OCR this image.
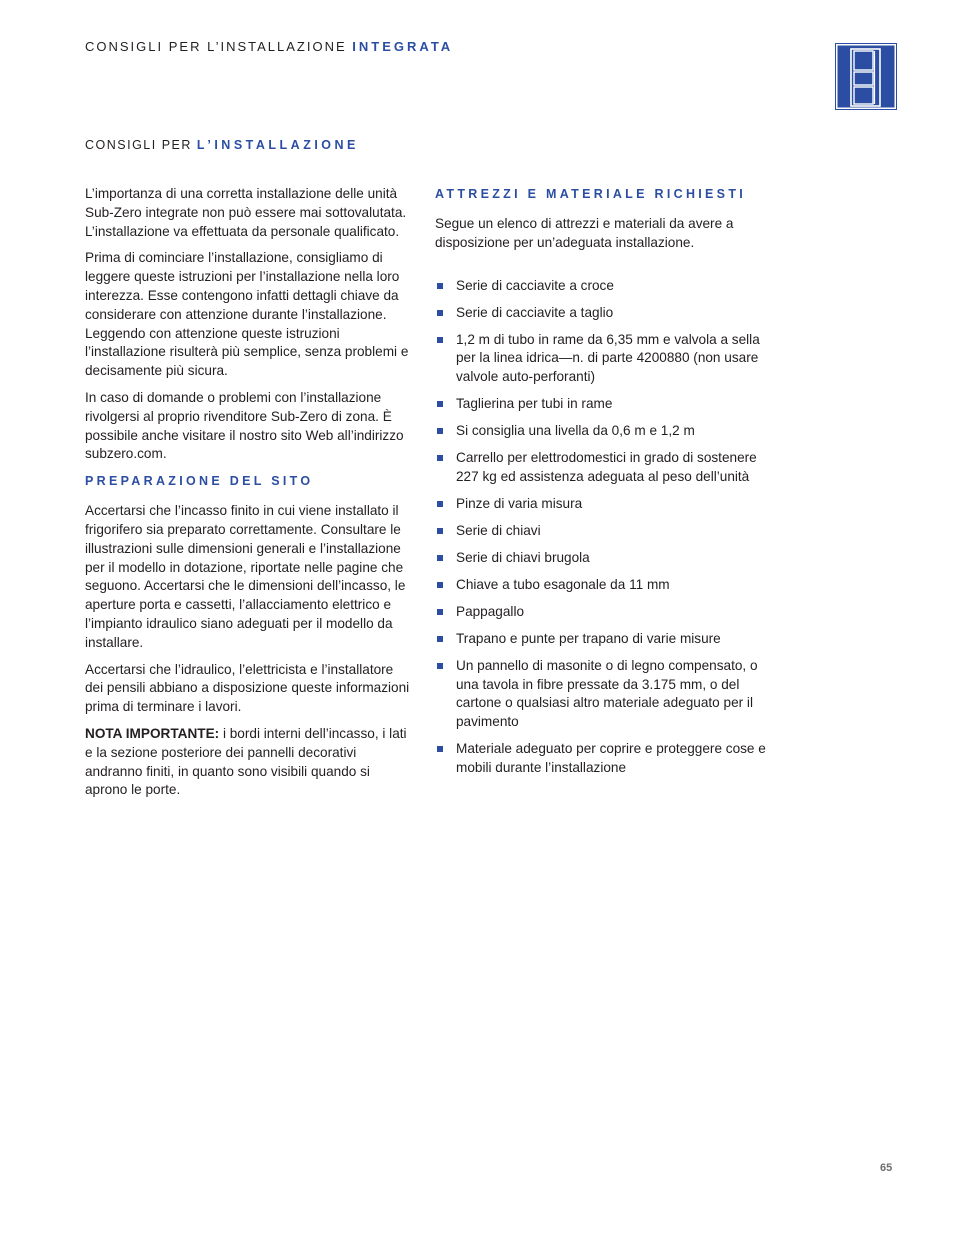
CONSIGLI PER L’INSTALLAZIONE INTEGRATA
CONSIGLI PER L’INSTALLAZIONE

L’importanza di una corretta installazione delle unità Sub-Zero integrate non può essere mai sottovalutata. L’installazione va effettuata da personale qualificato.

Prima di cominciare l’installazione, consigliamo di leggere queste istruzioni per l’installazione nella loro interezza. Esse contengono infatti dettagli chiave da considerare con attenzione durante l’installazione. Leggendo con attenzione queste istruzioni l’installazione risulterà più semplice, senza problemi e decisamente più sicura.

In caso di domande o problemi con l’installazione rivolgersi al proprio rivenditore Sub-Zero di zona. È possibile anche visitare il nostro sito Web all’indirizzo subzero.com.

PREPARAZIONE DEL SITO

Accertarsi che l’incasso finito in cui viene installato il frigorifero sia preparato correttamente. Consultare le illustrazioni sulle dimensioni generali e l’installazione per il modello in dotazione, riportate nelle pagine che seguono. Accertarsi che le dimensioni dell’incasso, le aperture porta e cassetti, l’allacciamento elettrico e l’impianto idraulico siano adeguati per il modello da installare.

Accertarsi che l’idraulico, l’elettricista e l’installatore dei pensili abbiano a disposizione queste informazioni prima di terminare i lavori.

NOTA IMPORTANTE: i bordi interni dell’incasso, i lati e la sezione posteriore dei pannelli decorativi andranno finiti, in quanto sono visibili quando si aprono le porte.

ATTREZZI E MATERIALE RICHIESTI

Segue un elenco di attrezzi e materiali da avere a disposizione per un’adeguata installazione.

Serie di cacciavite a croce
Serie di cacciavite a taglio
1,2 m di tubo in rame da 6,35 mm e valvola a sella per la linea idrica—n. di parte 4200880 (non usare valvole auto-perforanti)
Taglierina per tubi in rame
Si consiglia una livella da 0,6 m e 1,2 m
Carrello per elettrodomestici in grado di sostenere 227 kg ed assistenza adeguata al peso dell’unità
Pinze di varia misura
Serie di chiavi
Serie di chiavi brugola
Chiave a tubo esagonale da 11 mm
Pappagallo
Trapano e punte per trapano di varie misure
Un pannello di masonite o di legno compensato, o una tavola in fibre pressate da 3.175 mm, o del cartone o qualsiasi altro materiale adeguato per il pavimento
Materiale adeguato per coprire e proteggere cose e mobili durante l’installazione
65
